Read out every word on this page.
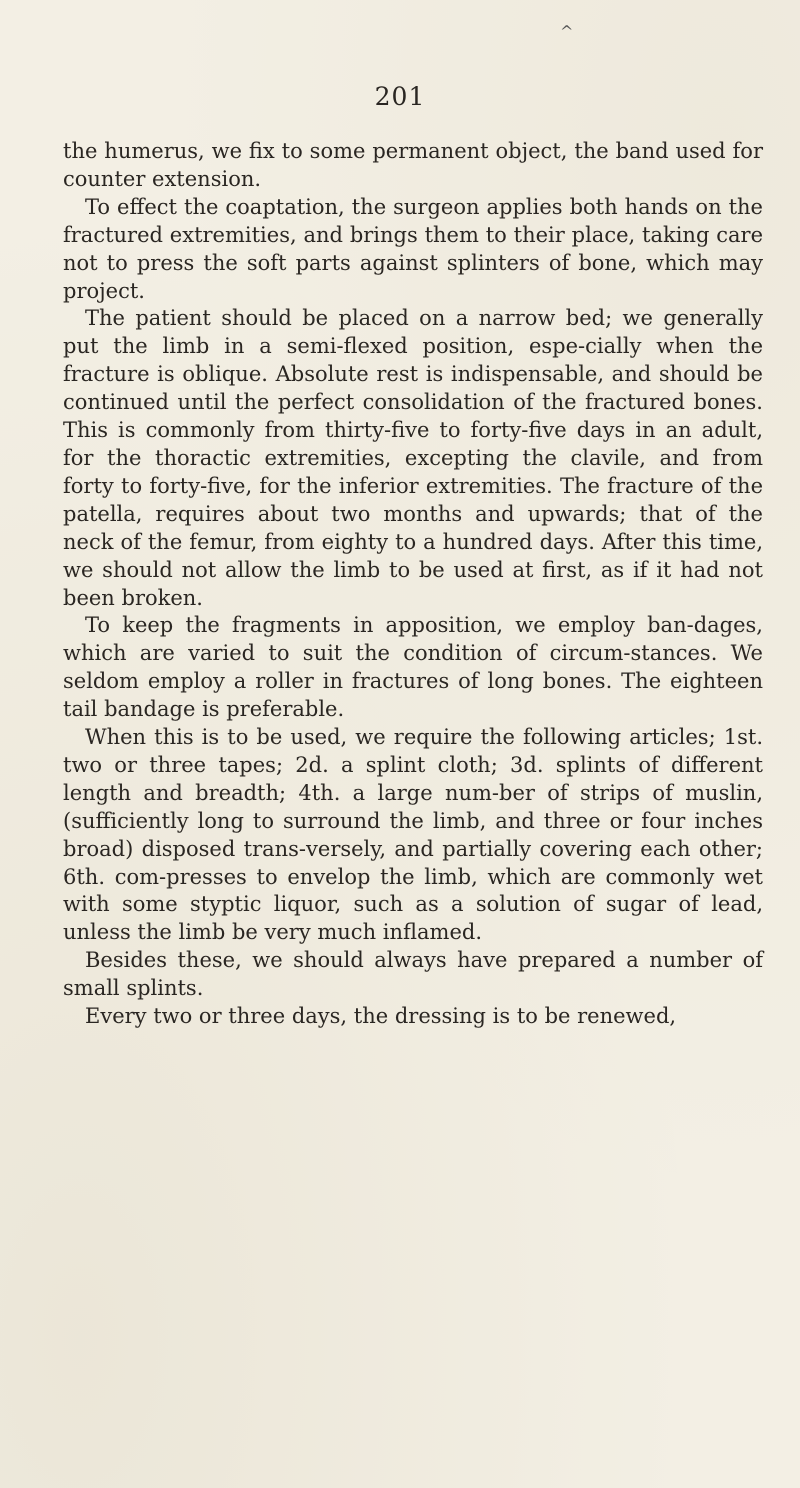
^
201

the humerus, we fix to some permanent object, the band used for counter extension.

To effect the coaptation, the surgeon applies both hands on the fractured extremities, and brings them to their place, taking care not to press the soft parts against splinters of bone, which may project.

The patient should be placed on a narrow bed; we generally put the limb in a semi-flexed position, espe-cially when the fracture is oblique. Absolute rest is indispensable, and should be continued until the perfect consolidation of the fractured bones. This is commonly from thirty-five to forty-five days in an adult, for the thoractic extremities, excepting the clavile, and from forty to forty-five, for the inferior extremities. The fracture of the patella, requires about two months and upwards; that of the neck of the femur, from eighty to a hundred days. After this time, we should not allow the limb to be used at first, as if it had not been broken.

To keep the fragments in apposition, we employ ban-dages, which are varied to suit the condition of circum-stances. We seldom employ a roller in fractures of long bones. The eighteen tail bandage is preferable.

When this is to be used, we require the following articles; 1st. two or three tapes; 2d. a splint cloth; 3d. splints of different length and breadth; 4th. a large num-ber of strips of muslin, (sufficiently long to surround the limb, and three or four inches broad) disposed trans-versely, and partially covering each other; 6th. com-presses to envelop the limb, which are commonly wet with some styptic liquor, such as a solution of sugar of lead, unless the limb be very much inflamed.

Besides these, we should always have prepared a number of small splints.

Every two or three days, the dressing is to be renewed,
